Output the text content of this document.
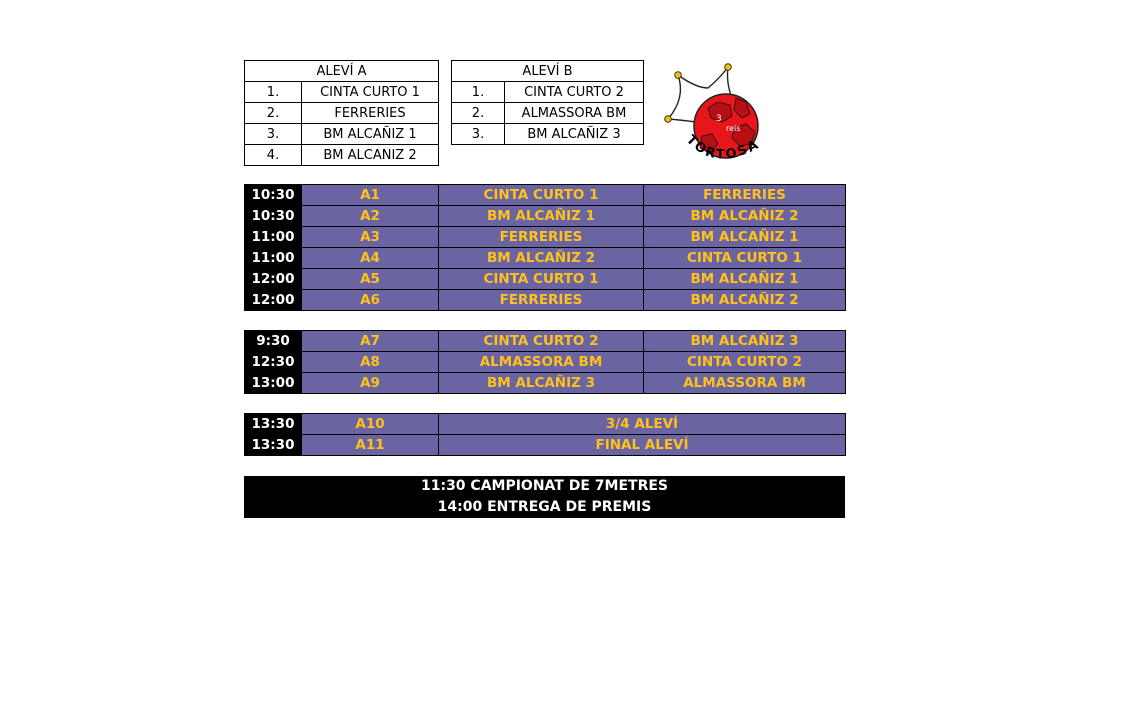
ALEVÍ A	
1.	CINTA CURTO 1
2.	FERRERIES
3.	BM ALCAÑIZ 1
4.	BM ALCANIZ 2
ALEVÍ B	
1.	CINTA CURTO 2
2.	ALMASSORA BM
3.	BM ALCAÑIZ 3
3
reis
TORTOSA
10:30	A1	CINTA CURTO 1	FERRERIES
10:30	A2	BM ALCAÑIZ 1	BM ALCAÑIZ 2
11:00	A3	FERRERIES	BM ALCAÑIZ 1
11:00	A4	BM ALCAÑIZ 2	CINTA CURTO 1
12:00	A5	CINTA CURTO 1	BM ALCAÑIZ 1
12:00	A6	FERRERIES	BM ALCAÑIZ 2
9:30	A7	CINTA CURTO 2	BM ALCAÑIZ 3
12:30	A8	ALMASSORA BM	CINTA CURTO 2
13:00	A9	BM ALCAÑIZ 3	ALMASSORA BM
13:30	A10	3/4 ALEVÍ
13:30	A11	FINAL ALEVÍ
11:30 CAMPIONAT DE 7METRES
14:00 ENTREGA DE PREMIS
